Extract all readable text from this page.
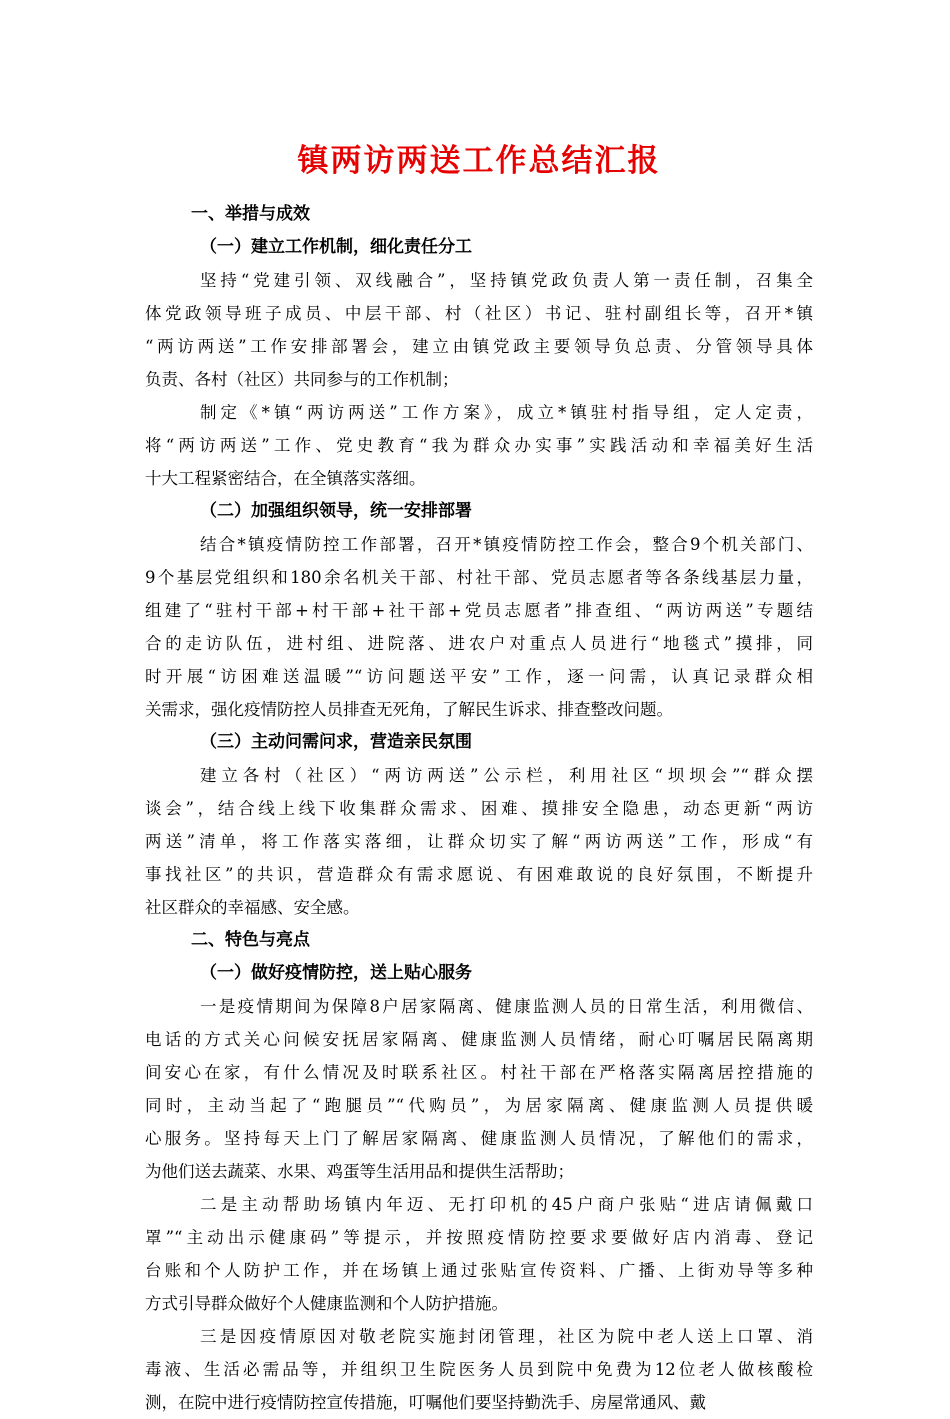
镇两访两送工作总结汇报
一、举措与成效
（一）建立工作机制，细化责任分工
坚持“党建引领、双线融合”，坚持镇党政负责人第一责任制，召集全
体党政领导班子成员、中层干部、村（社区）书记、驻村副组长等，召开*镇
“两访两送”工作安排部署会，建立由镇党政主要领导负总责、分管领导具体
负责、各村（社区）共同参与的工作机制；
制定《*镇“两访两送”工作方案》，成立*镇驻村指导组，定人定责，
将“两访两送”工作、党史教育“我为群众办实事”实践活动和幸福美好生活
十大工程紧密结合，在全镇落实落细。
（二）加强组织领导，统一安排部署
结合*镇疫情防控工作部署，召开*镇疫情防控工作会，整合9个机关部门、
9个基层党组织和180余名机关干部、村社干部、党员志愿者等各条线基层力量，
组建了“驻村干部+村干部+社干部+党员志愿者”排查组、“两访两送”专题结
合的走访队伍，进村组、进院落、进农户对重点人员进行“地毯式”摸排，同
时开展“访困难送温暖”“访问题送平安”工作，逐一问需，认真记录群众相
关需求，强化疫情防控人员排查无死角，了解民生诉求、排查整改问题。
（三）主动问需问求，营造亲民氛围
建立各村（社区）“两访两送”公示栏，利用社区“坝坝会”“群众摆
谈会”，结合线上线下收集群众需求、困难、摸排安全隐患，动态更新“两访
两送”清单，将工作落实落细，让群众切实了解“两访两送”工作，形成“有
事找社区”的共识，营造群众有需求愿说、有困难敢说的良好氛围，不断提升
社区群众的幸福感、安全感。
二、特色与亮点
（一）做好疫情防控，送上贴心服务
一是疫情期间为保障8户居家隔离、健康监测人员的日常生活，利用微信、
电话的方式关心问候安抚居家隔离、健康监测人员情绪，耐心叮嘱居民隔离期
间安心在家，有什么情况及时联系社区。村社干部在严格落实隔离居控措施的
同时，主动当起了“跑腿员”“代购员”，为居家隔离、健康监测人员提供暖
心服务。坚持每天上门了解居家隔离、健康监测人员情况，了解他们的需求，
为他们送去蔬菜、水果、鸡蛋等生活用品和提供生活帮助；
二是主动帮助场镇内年迈、无打印机的45户商户张贴“进店请佩戴口
罩”“主动出示健康码”等提示，并按照疫情防控要求要做好店内消毒、登记
台账和个人防护工作，并在场镇上通过张贴宣传资料、广播、上街劝导等多种
方式引导群众做好个人健康监测和个人防护措施。
三是因疫情原因对敬老院实施封闭管理，社区为院中老人送上口罩、消
毒液、生活必需品等，并组织卫生院医务人员到院中免费为12位老人做核酸检
测，在院中进行疫情防控宣传措施，叮嘱他们要坚持勤洗手、房屋常通风、戴
